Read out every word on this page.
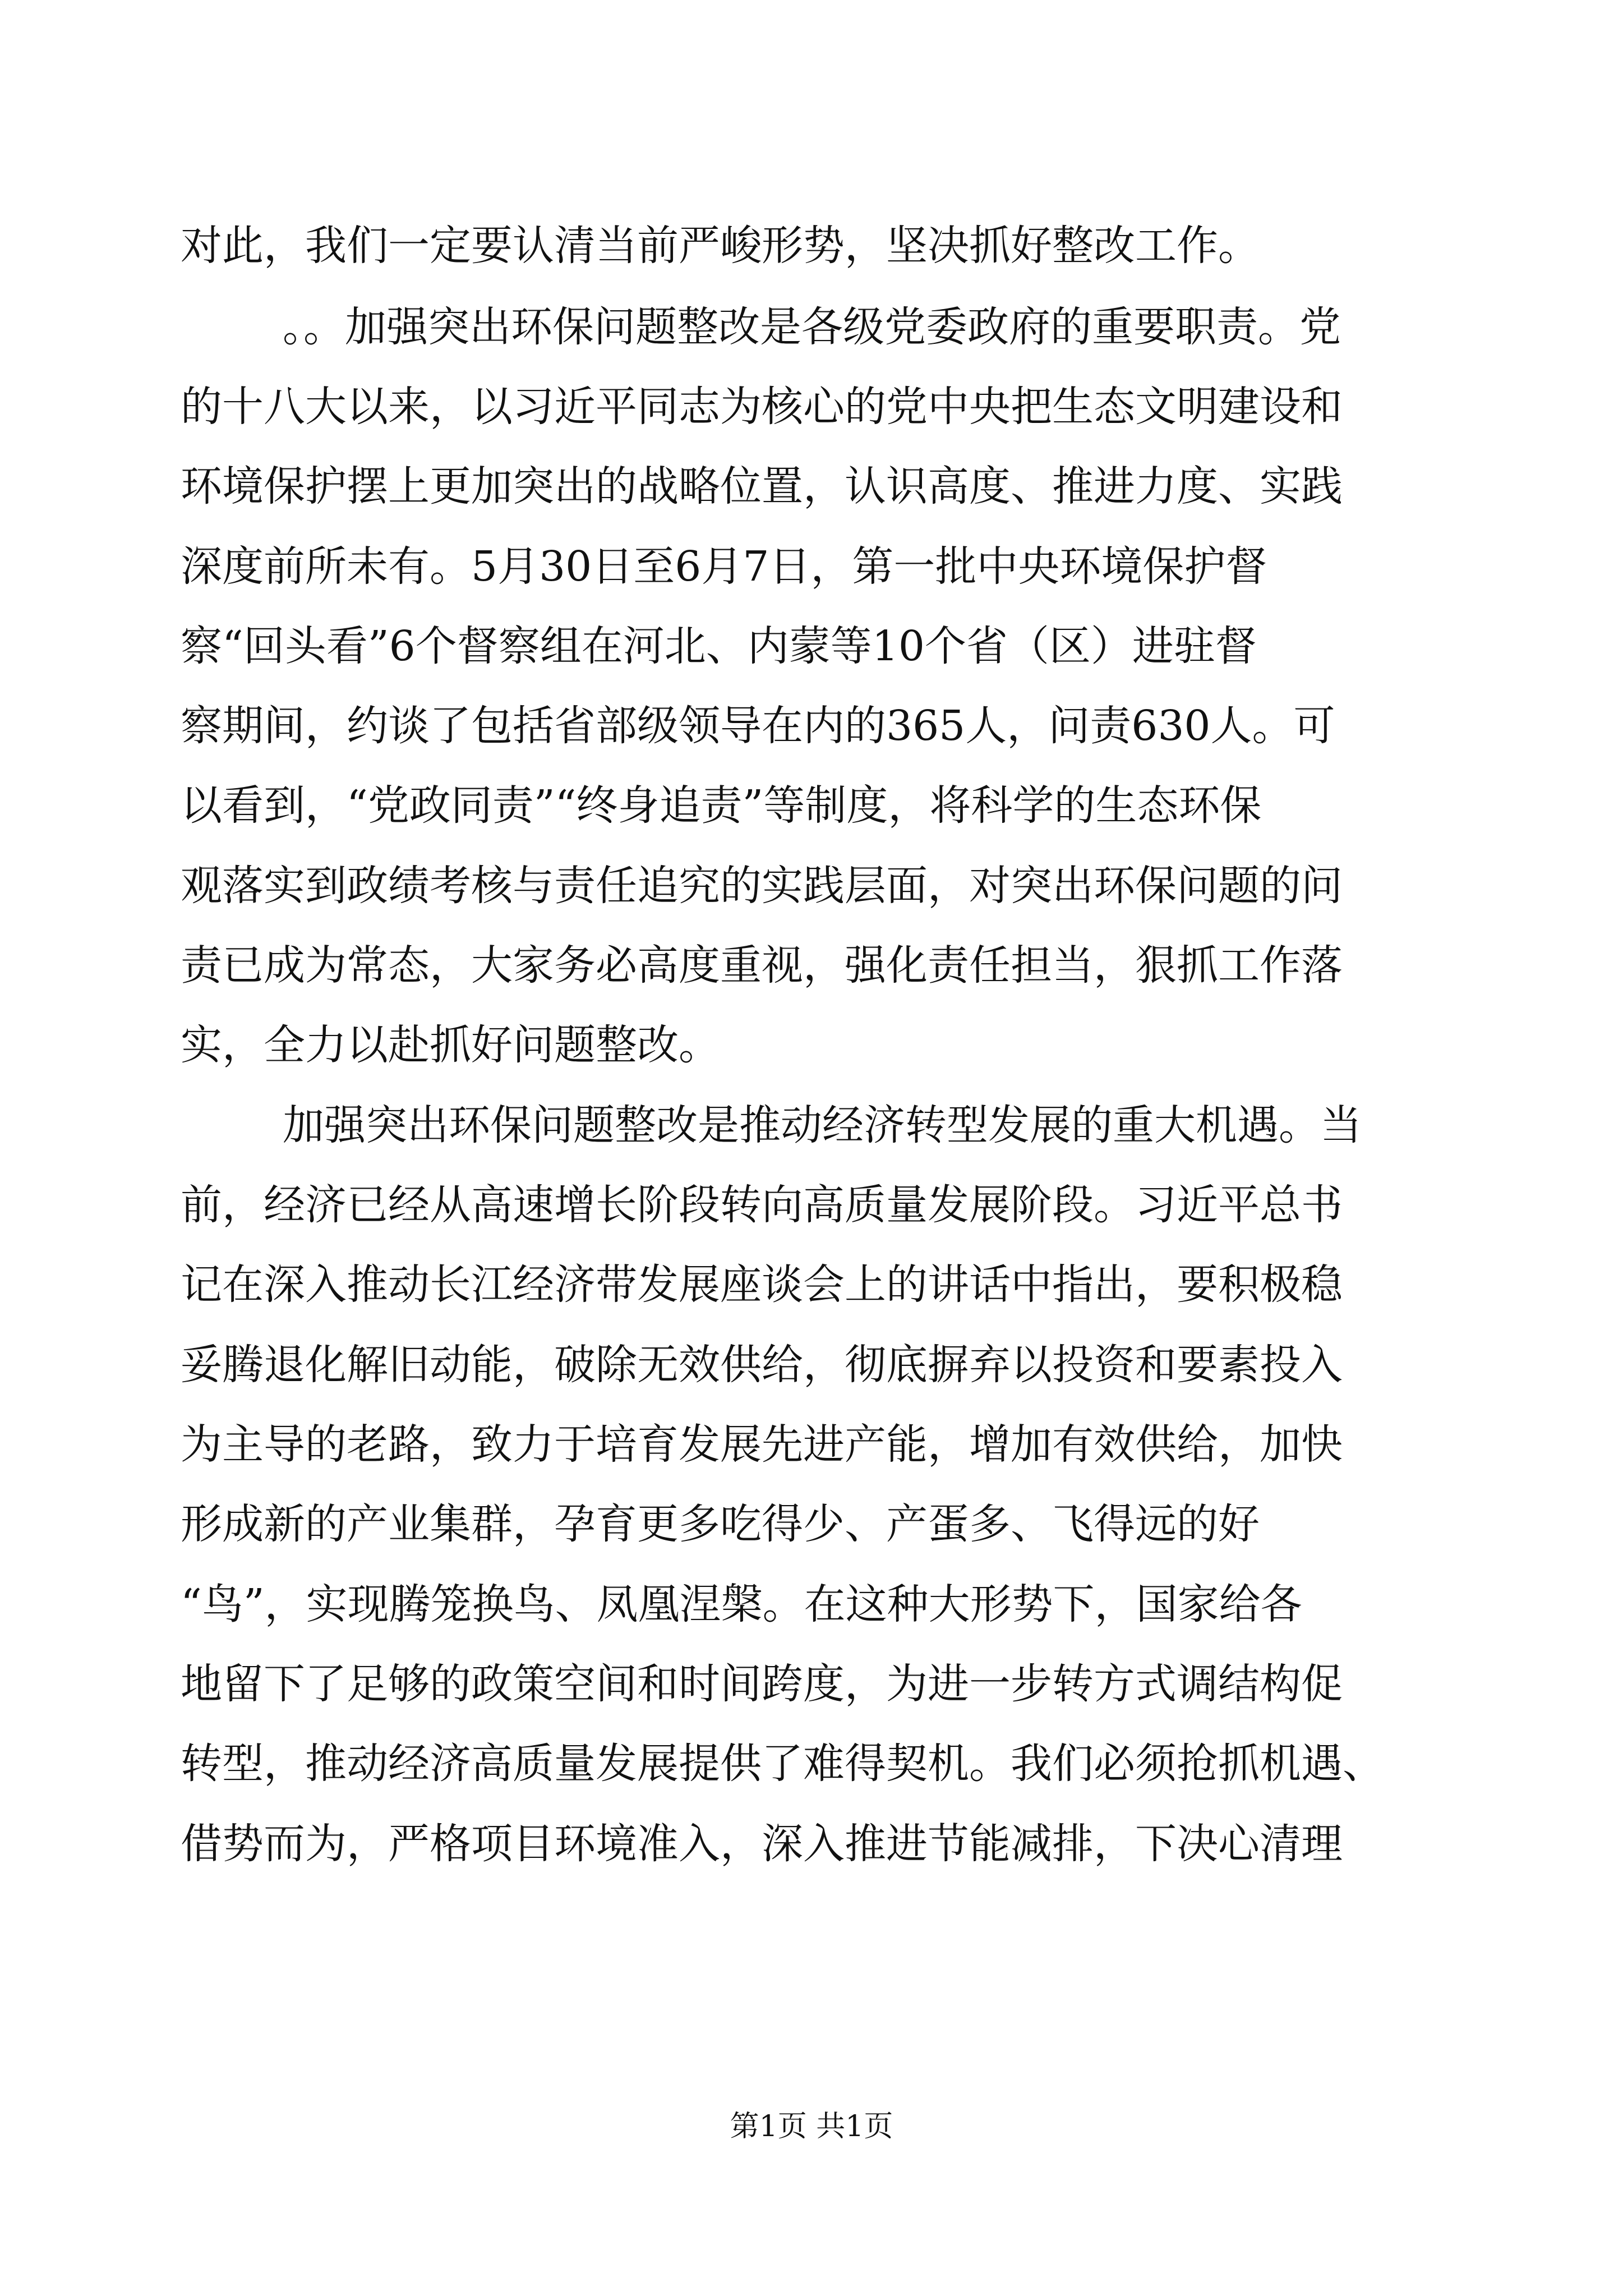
对此，我们一定要认清当前严峻形势，坚决抓好整改工作。
。。加强突出环保问题整改是各级党委政府的重要职责。党
的十八大以来，以习近平同志为核心的党中央把生态文明建设和
环境保护摆上更加突出的战略位置，认识高度、推进力度、实践
深度前所未有。5月30日至6月7日，第一批中央环境保护督
察“回头看”6个督察组在河北、内蒙等10个省（区）进驻督
察期间，约谈了包括省部级领导在内的365人，问责630人。可
以看到，“党政同责”“终身追责”等制度，将科学的生态环保
观落实到政绩考核与责任追究的实践层面，对突出环保问题的问
责已成为常态，大家务必高度重视，强化责任担当，狠抓工作落
实，全力以赴抓好问题整改。
加强突出环保问题整改是推动经济转型发展的重大机遇。当
前，经济已经从高速增长阶段转向高质量发展阶段。习近平总书
记在深入推动长江经济带发展座谈会上的讲话中指出，要积极稳
妥腾退化解旧动能，破除无效供给，彻底摒弃以投资和要素投入
为主导的老路，致力于培育发展先进产能，增加有效供给，加快
形成新的产业集群，孕育更多吃得少、产蛋多、飞得远的好
“鸟”，实现腾笼换鸟、凤凰涅槃。在这种大形势下，国家给各
地留下了足够的政策空间和时间跨度，为进一步转方式调结构促
转型，推动经济高质量发展提供了难得契机。我们必须抢抓机遇、
借势而为，严格项目环境准入，深入推进节能减排，下决心清理
第1页 共1页
